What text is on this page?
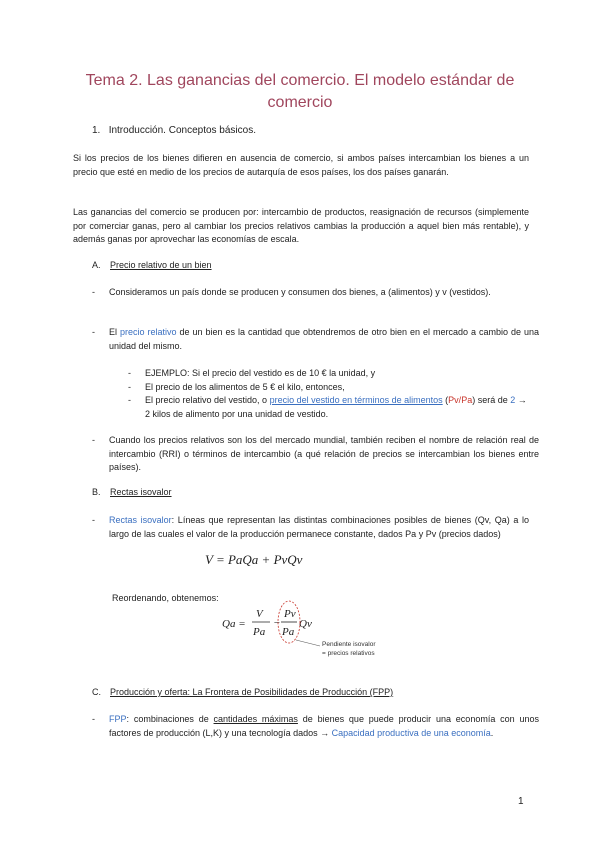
Tema 2. Las ganancias del comercio. El modelo estándar de comercio
1. Introducción. Conceptos básicos.
Si los precios de los bienes difieren en ausencia de comercio, si ambos países intercambian los bienes a un precio que esté en medio de los precios de autarquía de esos países, los dos países ganarán.
Las ganancias del comercio se producen por: intercambio de productos, reasignación de recursos (simplemente por comerciar ganas, pero al cambiar los precios relativos cambias la producción a aquel bien más rentable), y además ganas por aprovechar las economías de escala.
A. Precio relativo de un bien
- Consideramos un país donde se producen y consumen dos bienes, a (alimentos) y v (vestidos).
- El precio relativo de un bien es la cantidad que obtendremos de otro bien en el mercado a cambio de una unidad del mismo.
- EJEMPLO: Si el precio del vestido es de 10 € la unidad, y
- El precio de los alimentos de 5 € el kilo, entonces,
- El precio relativo del vestido, o precio del vestido en términos de alimentos (Pv/Pa) será de 2 → 2 kilos de alimento por una unidad de vestido.
- Cuando los precios relativos son los del mercado mundial, también reciben el nombre de relación real de intercambio (RRI) o términos de intercambio (a qué relación de precios se intercambian los bienes entre países).
B. Rectas isovalor
- Rectas isovalor: Líneas que representan las distintas combinaciones posibles de bienes (Qv, Qa) a lo largo de las cuales el valor de la producción permanece constante, dados Pa y Pv (precios dados)
V = PaQa + PvQv
Reordenando, obtenemos:
Qa =
V
Pa
−
Pv
Pa
Qv
Pendiente isovalor
= precios relativos
C. Producción y oferta: La Frontera de Posibilidades de Producción (FPP)
- FPP: combinaciones de cantidades máximas de bienes que puede producir una economía con unos factores de producción (L,K) y una tecnología dados → Capacidad productiva de una economía.
1
